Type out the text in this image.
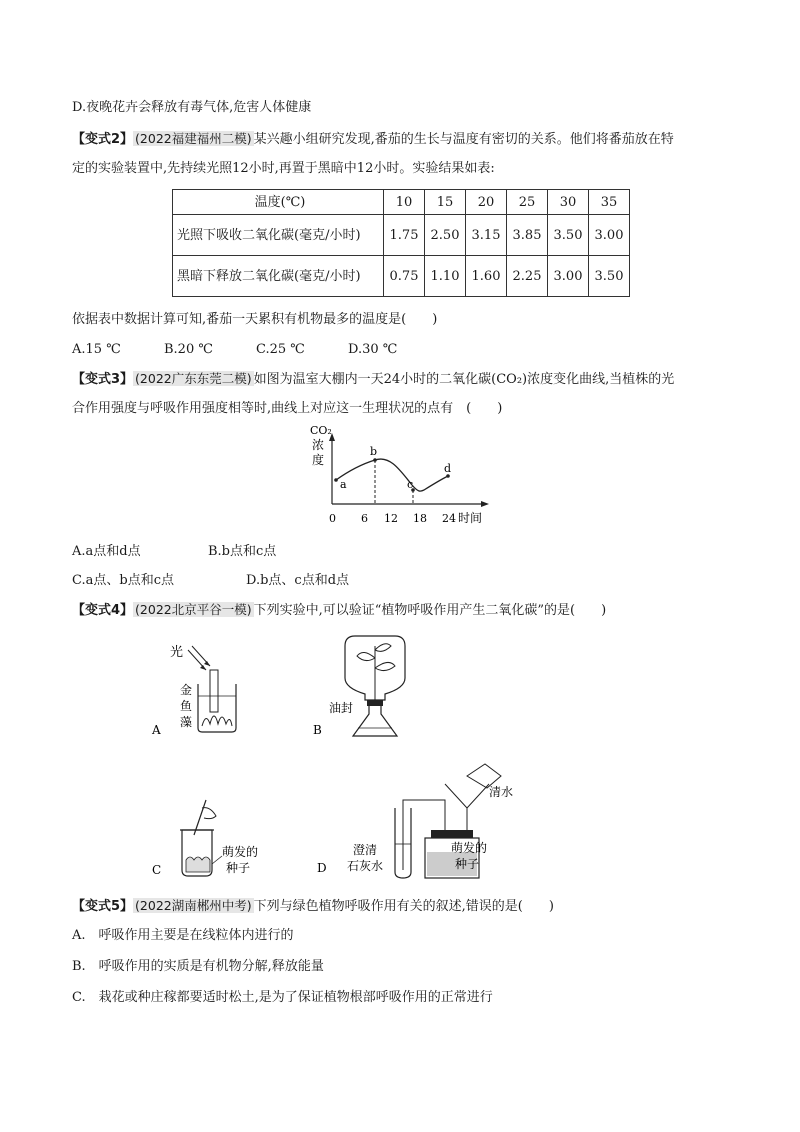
D.夜晚花卉会释放有毒气体,危害人体健康
【变式2】 (2022福建福州二模) 某兴趣小组研究发现,番茄的生长与温度有密切的关系。他们将番茄放在特
定的实验装置中,先持续光照12小时,再置于黑暗中12小时。实验结果如表:
温度(℃)	10	15	20	25	30	35
光照下吸收二氧化碳(毫克/小时)	1.75	2.50	3.15	3.85	3.50	3.00
黑暗下释放二氧化碳(毫克/小时)	0.75	1.10	1.60	2.25	3.00	3.50
依据表中数据计算可知,番茄一天累积有机物最多的温度是(　　)
A.15 ℃	B.20 ℃	C.25 ℃	D.30 ℃
【变式3】 (2022广东东莞二模) 如图为温室大棚内一天24小时的二氧化碳(CO₂)浓度变化曲线,当植株的光
合作用强度与呼吸作用强度相等时,曲线上对应这一生理状况的点有　(　　)
CO₂
浓
度
a
b
c
d
0 6 12 18 24 时间
A.a点和d点	B.b点和c点
C.a点、b点和c点	D.b点、c点和d点
【变式4】 (2022北京平谷一模) 下列实验中,可以验证“植物呼吸作用产生二氧化碳”的是(　　)
光
金
鱼
藻
A
油封
B
萌发的
种子
C
清水
萌发的
种子
澄清
石灰水
D
【变式5】 (2022湖南郴州中考) 下列与绿色植物呼吸作用有关的叙述,错误的是(　　)
A.　呼吸作用主要是在线粒体内进行的
B.　呼吸作用的实质是有机物分解,释放能量
C.　栽花或种庄稼都要适时松土,是为了保证植物根部呼吸作用的正常进行
